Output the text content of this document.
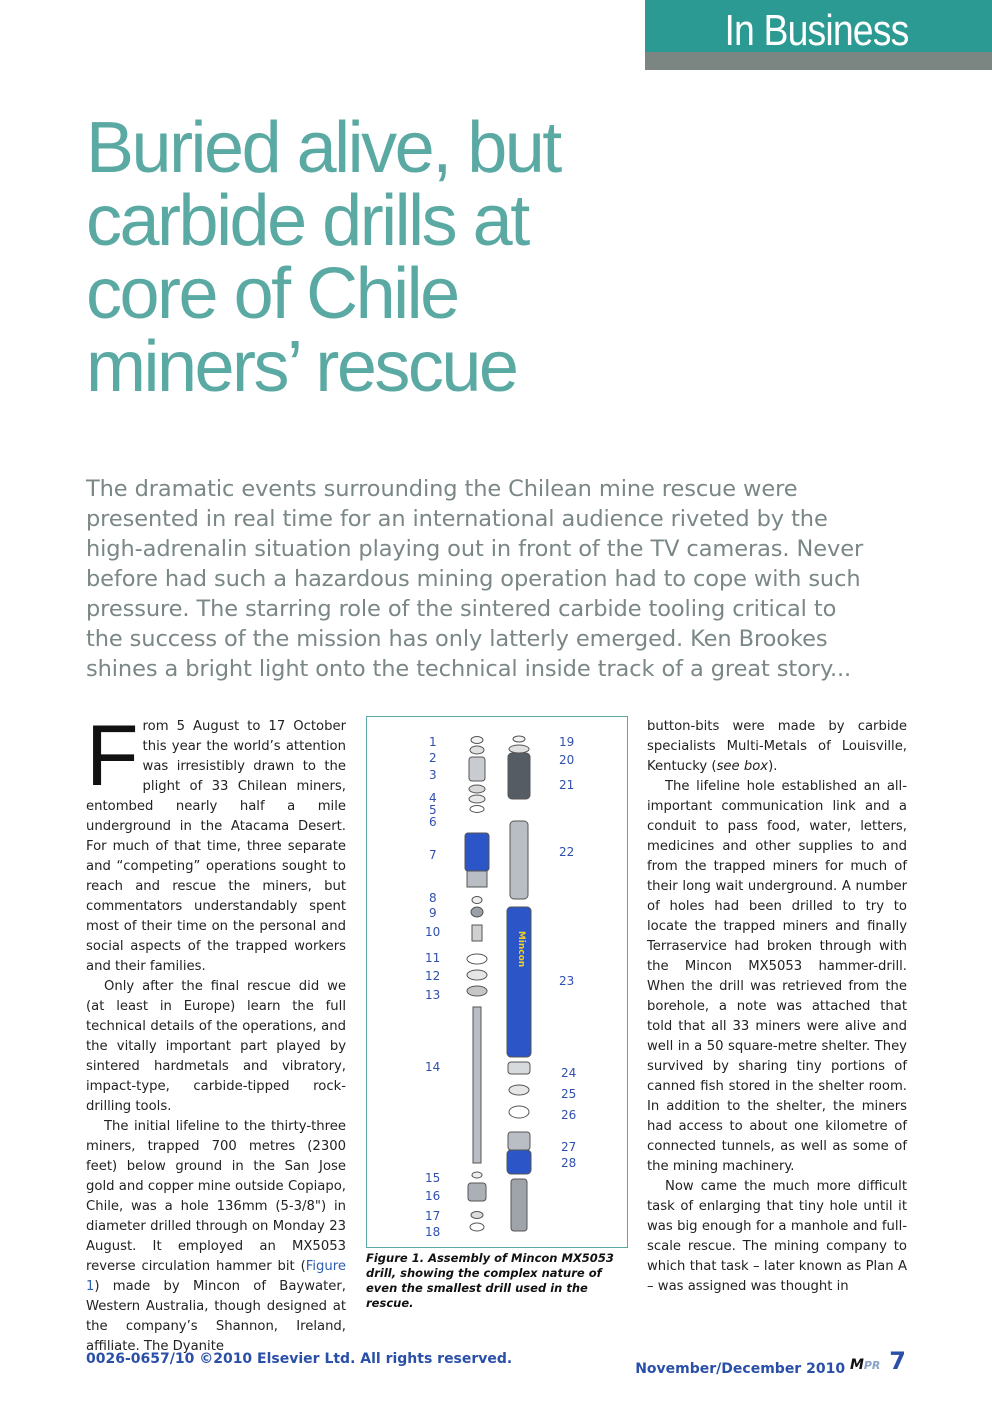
In Business
Buried alive, but
carbide drills at
core of Chile
miners’ rescue
The dramatic events surrounding the Chilean mine rescue were
presented in real time for an international audience riveted by the
high-adrenalin situation playing out in front of the TV cameras. Never
before had such a hazardous mining operation had to cope with such
pressure. The starring role of the sintered carbide tooling critical to
the success of the mission has only latterly emerged. Ken Brookes
shines a bright light onto the technical inside track of a great story...

From 5 August to 17 October this year the world’s attention was irresistibly drawn to the plight of 33 Chilean miners, entombed nearly half a mile underground in the Atacama Desert. For much of that time, three separate and “competing” operations sought to reach and rescue the miners, but commentators understandably spent most of their time on the personal and social aspects of the trapped workers and their families.

Only after the final rescue did we (at least in Europe) learn the full technical details of the operations, and the vitally important part played by sintered hardmetals and vibratory, impact-type, carbide-tipped rock-drilling tools.

The initial lifeline to the thirty-three miners, trapped 700 metres (2300 feet) below ground in the San Jose gold and copper mine outside Copiapo, Chile, was a hole 136mm (5-3/8") in diameter drilled through on Monday 23 August. It employed an MX5053 reverse circulation hammer bit (Figure 1) made by Mincon of Baywater, Western Australia, though designed at the company’s Shannon, Ireland, affiliate. The Dyanite

button-bits were made by carbide specialists Multi-Metals of Louisville, Kentucky (see box).

The lifeline hole established an all-important communication link and a conduit to pass food, water, letters, medicines and other supplies to and from the trapped miners for much of their long wait underground. A number of holes had been drilled to try to locate the trapped miners and finally Terraservice had broken through with the Mincon MX5053 hammer-drill. When the drill was retrieved from the borehole, a note was attached that told that all 33 miners were alive and well in a 50 square-metre shelter. They survived by sharing tiny portions of canned fish stored in the shelter room. In addition to the shelter, the miners had access to about one kilometre of connected tunnels, as well as some of the mining machinery.

Now came the much more difficult task of enlarging that tiny hole until it was big enough for a manhole and full-scale rescue. The mining company to which that task – later known as Plan A – was assigned was thought in

1
2
3
4
5
6
7
8
9
10
11
12
13
14
15
16
17
18
19
20
21
22
23
24
25
26
27
28
Mincon
Figure 1. Assembly of Mincon MX5053 drill, showing the complex nature of even the smallest drill used in the rescue.
0026-0657/10 ©2010 Elsevier Ltd. All rights reserved.
November/December 2010 MPR 7
